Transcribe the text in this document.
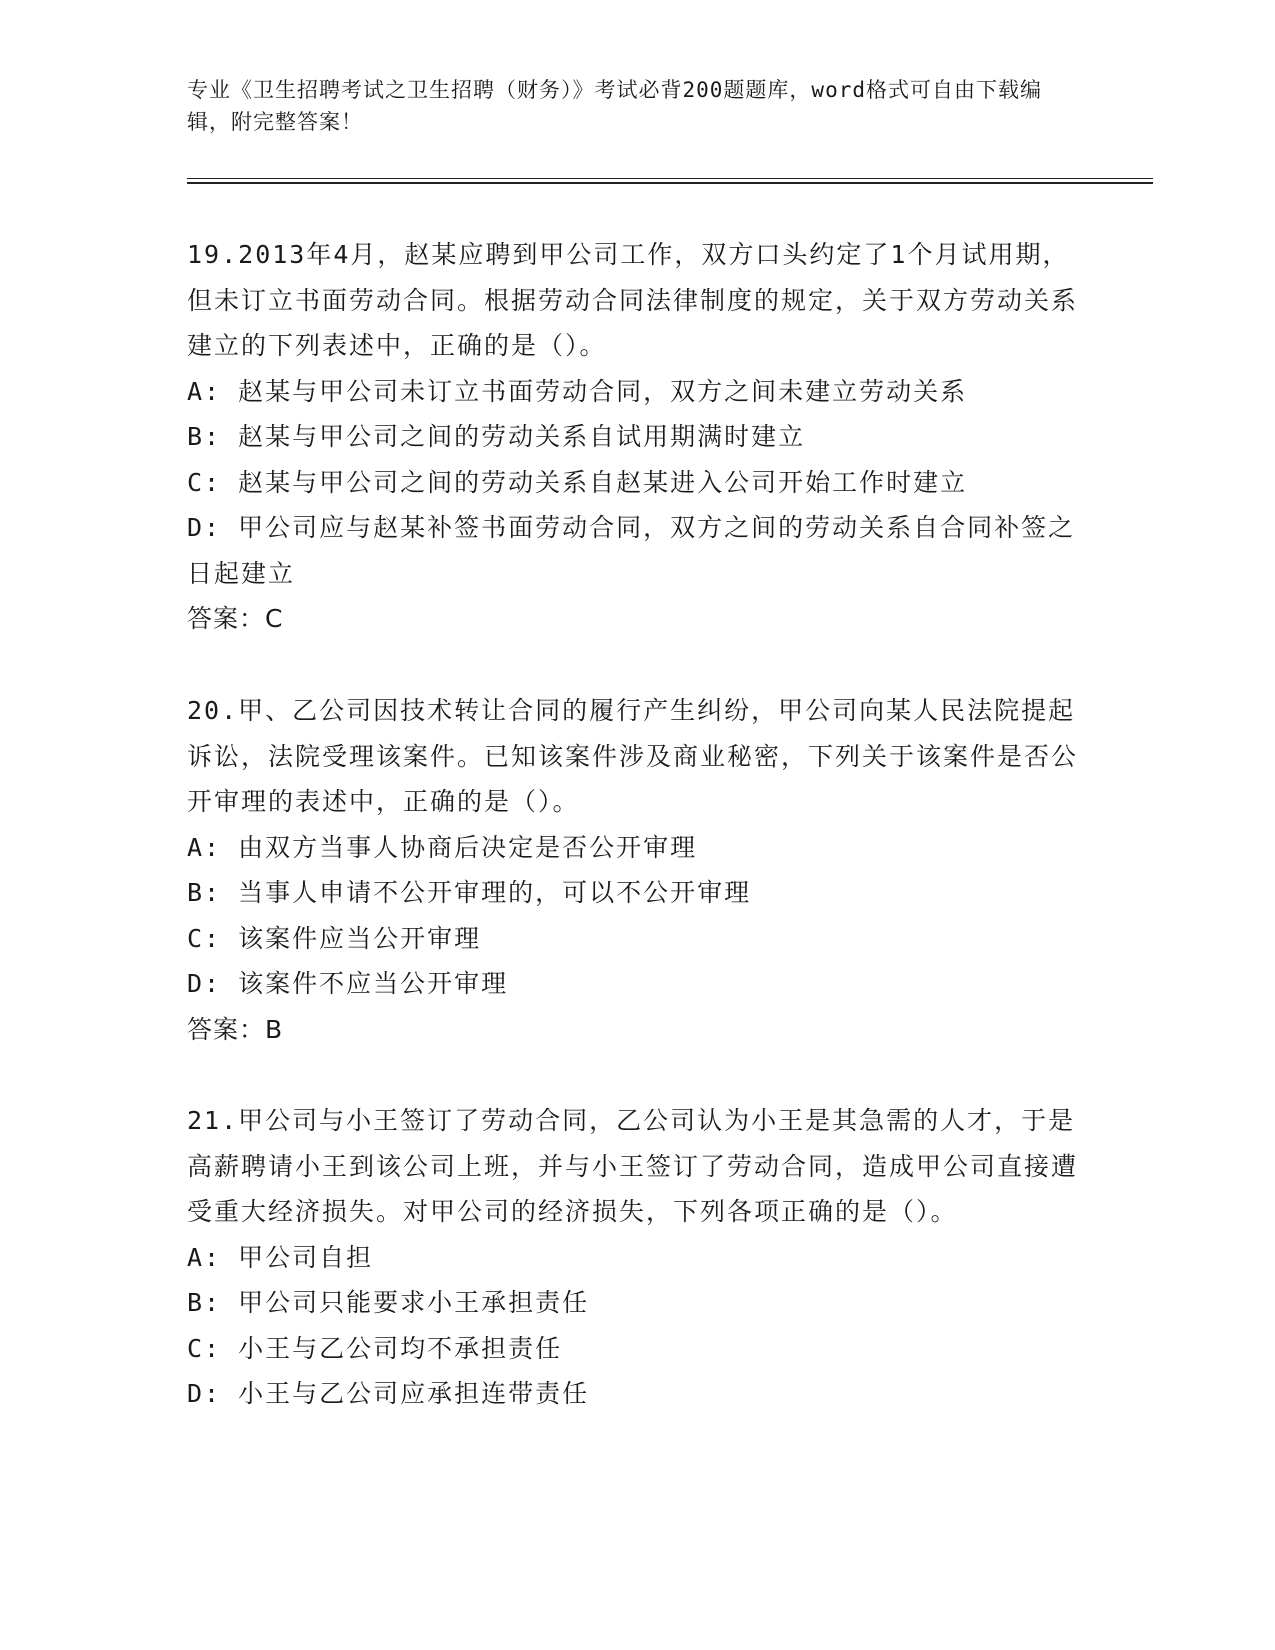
专业《卫生招聘考试之卫生招聘（财务）》考试必背200题题库，word格式可自由下载编辑，附完整答案！

19.2013年4月，赵某应聘到甲公司工作，双方口头约定了1个月试用期，但未订立书面劳动合同。根据劳动合同法律制度的规定，关于双方劳动关系建立的下列表述中，正确的是（）。

A: 赵某与甲公司未订立书面劳动合同，双方之间未建立劳动关系

B: 赵某与甲公司之间的劳动关系自试用期满时建立

C: 赵某与甲公司之间的劳动关系自赵某进入公司开始工作时建立

D: 甲公司应与赵某补签书面劳动合同，双方之间的劳动关系自合同补签之日起建立

答案：C

20.甲、乙公司因技术转让合同的履行产生纠纷，甲公司向某人民法院提起诉讼，法院受理该案件。已知该案件涉及商业秘密，下列关于该案件是否公开审理的表述中，正确的是（）。

A: 由双方当事人协商后决定是否公开审理

B: 当事人申请不公开审理的，可以不公开审理

C: 该案件应当公开审理

D: 该案件不应当公开审理

答案：B

21.甲公司与小王签订了劳动合同，乙公司认为小王是其急需的人才，于是高薪聘请小王到该公司上班，并与小王签订了劳动合同，造成甲公司直接遭受重大经济损失。对甲公司的经济损失，下列各项正确的是（）。

A: 甲公司自担

B: 甲公司只能要求小王承担责任

C: 小王与乙公司均不承担责任

D: 小王与乙公司应承担连带责任
